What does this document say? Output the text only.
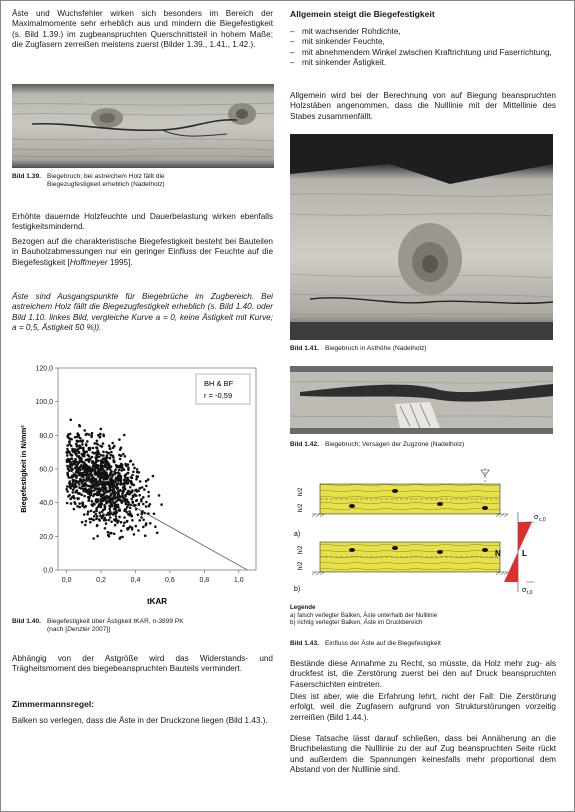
Äste und Wuchsfehler wirken sich besonders im Bereich der Maximalmomente sehr erheblich aus und mindern die Biegefestigkeit (s. Bild 1.39.) im zugbeanspruchten Querschnittsteil in hohem Maße; die Zugfasern zerreißen meistens zuerst (Bilder 1.39., 1.41., 1.42.).

Bild 1.39. Biegebruch; bei astreichem Holz fällt die Biegezugfestigkeit erheblich (Nadelholz)

Erhöhte dauernde Holzfeuchte und Dauerbelastung wirken ebenfalls festigkeitsmindernd.

Bezogen auf die charakteristische Biegefestigkeit besteht bei Bauteilen in Bauholzabmessungen nur ein geringer Einfluss der Feuchte auf die Biegefestigkeit [Hoffmeyer 1995].

Äste sind Ausgangspunkte für Biegebrüche im Zugbereich. Bei astreichem Holz fällt die Biegezugfestigkeit erheblich (s. Bild 1.40. oder Bild 1.10. linkes Bild, vergleiche Kurve a = 0, keine Ästigkeit mit Kurve; a = 0,5, Ästigkeit 50 %)).

0,0
20,0
40,0
60,0
80,0
100,0
120,0
0,0	0,2	0,4	0,6	0,8	1,0
tKAR
Biegefestigkeit in N/mm²
BH & BF
r = -0,59
Bild 1.40. Biegefestigkeit über Ästigkeit tKAR, n-3899 PK
(nach [Denzler 2007])

Abhängig von der Astgröße wird das Widerstands- und Trägheitsmoment des biegebeanspruchten Bauteils vermindert.

Zimmermannsregel:

Balken so verlegen, dass die Äste in der Druckzone liegen (Bild 1.43.).

Allgemein steigt die Biegefestigkeit
– mit wachsender Rohdichte,
– mit sinkender Feuchte,
– mit abnehmendem Winkel zwischen Kraftrichtung und Faserrichtung,
– mit sinkender Ästigkeit.

Allgemein wird bei der Berechnung von auf Biegung beanspruchten Holzstäben angenommen, dass die Nulllinie mit der Mittellinie des Stabes zusammenfällt.

Bild 1.41. Biegebruch in Asthöhe (Nadelholz)
Bild 1.42. Biegebruch; Versagen der Zugzone (Nadelholz)
h/2
h/2
a)
h/2
h/2
b)
N	L
σ c,0
σ t,0
Legende
a) falsch verlegter Balken, Äste unterhalb der Nulllinie
b) richtig verlegter Balken, Äste im Druckbereich
Bild 1.43. Einfluss der Äste auf die Biegefestigkeit

Bestände diese Annahme zu Recht, so müsste, da Holz mehr zug- als druckfest ist, die Zerstörung zuerst bei den auf Druck beanspruchten Faserschichten eintreten.

Dies ist aber, wie die Erfahrung lehrt, nicht der Fall: Die Zerstörung erfolgt, weil die Zugfasern aufgrund von Strukturstörungen vorzeitig zerreißen (Bild 1.44.).

Diese Tatsache lässt darauf schließen, dass bei Annäherung an die Bruchbelastung die Nulllinie zu der auf Zug beanspruchten Seite rückt und außerdem die Spannungen keinesfalls mehr proportional dem Abstand von der Nulllinie sind.
